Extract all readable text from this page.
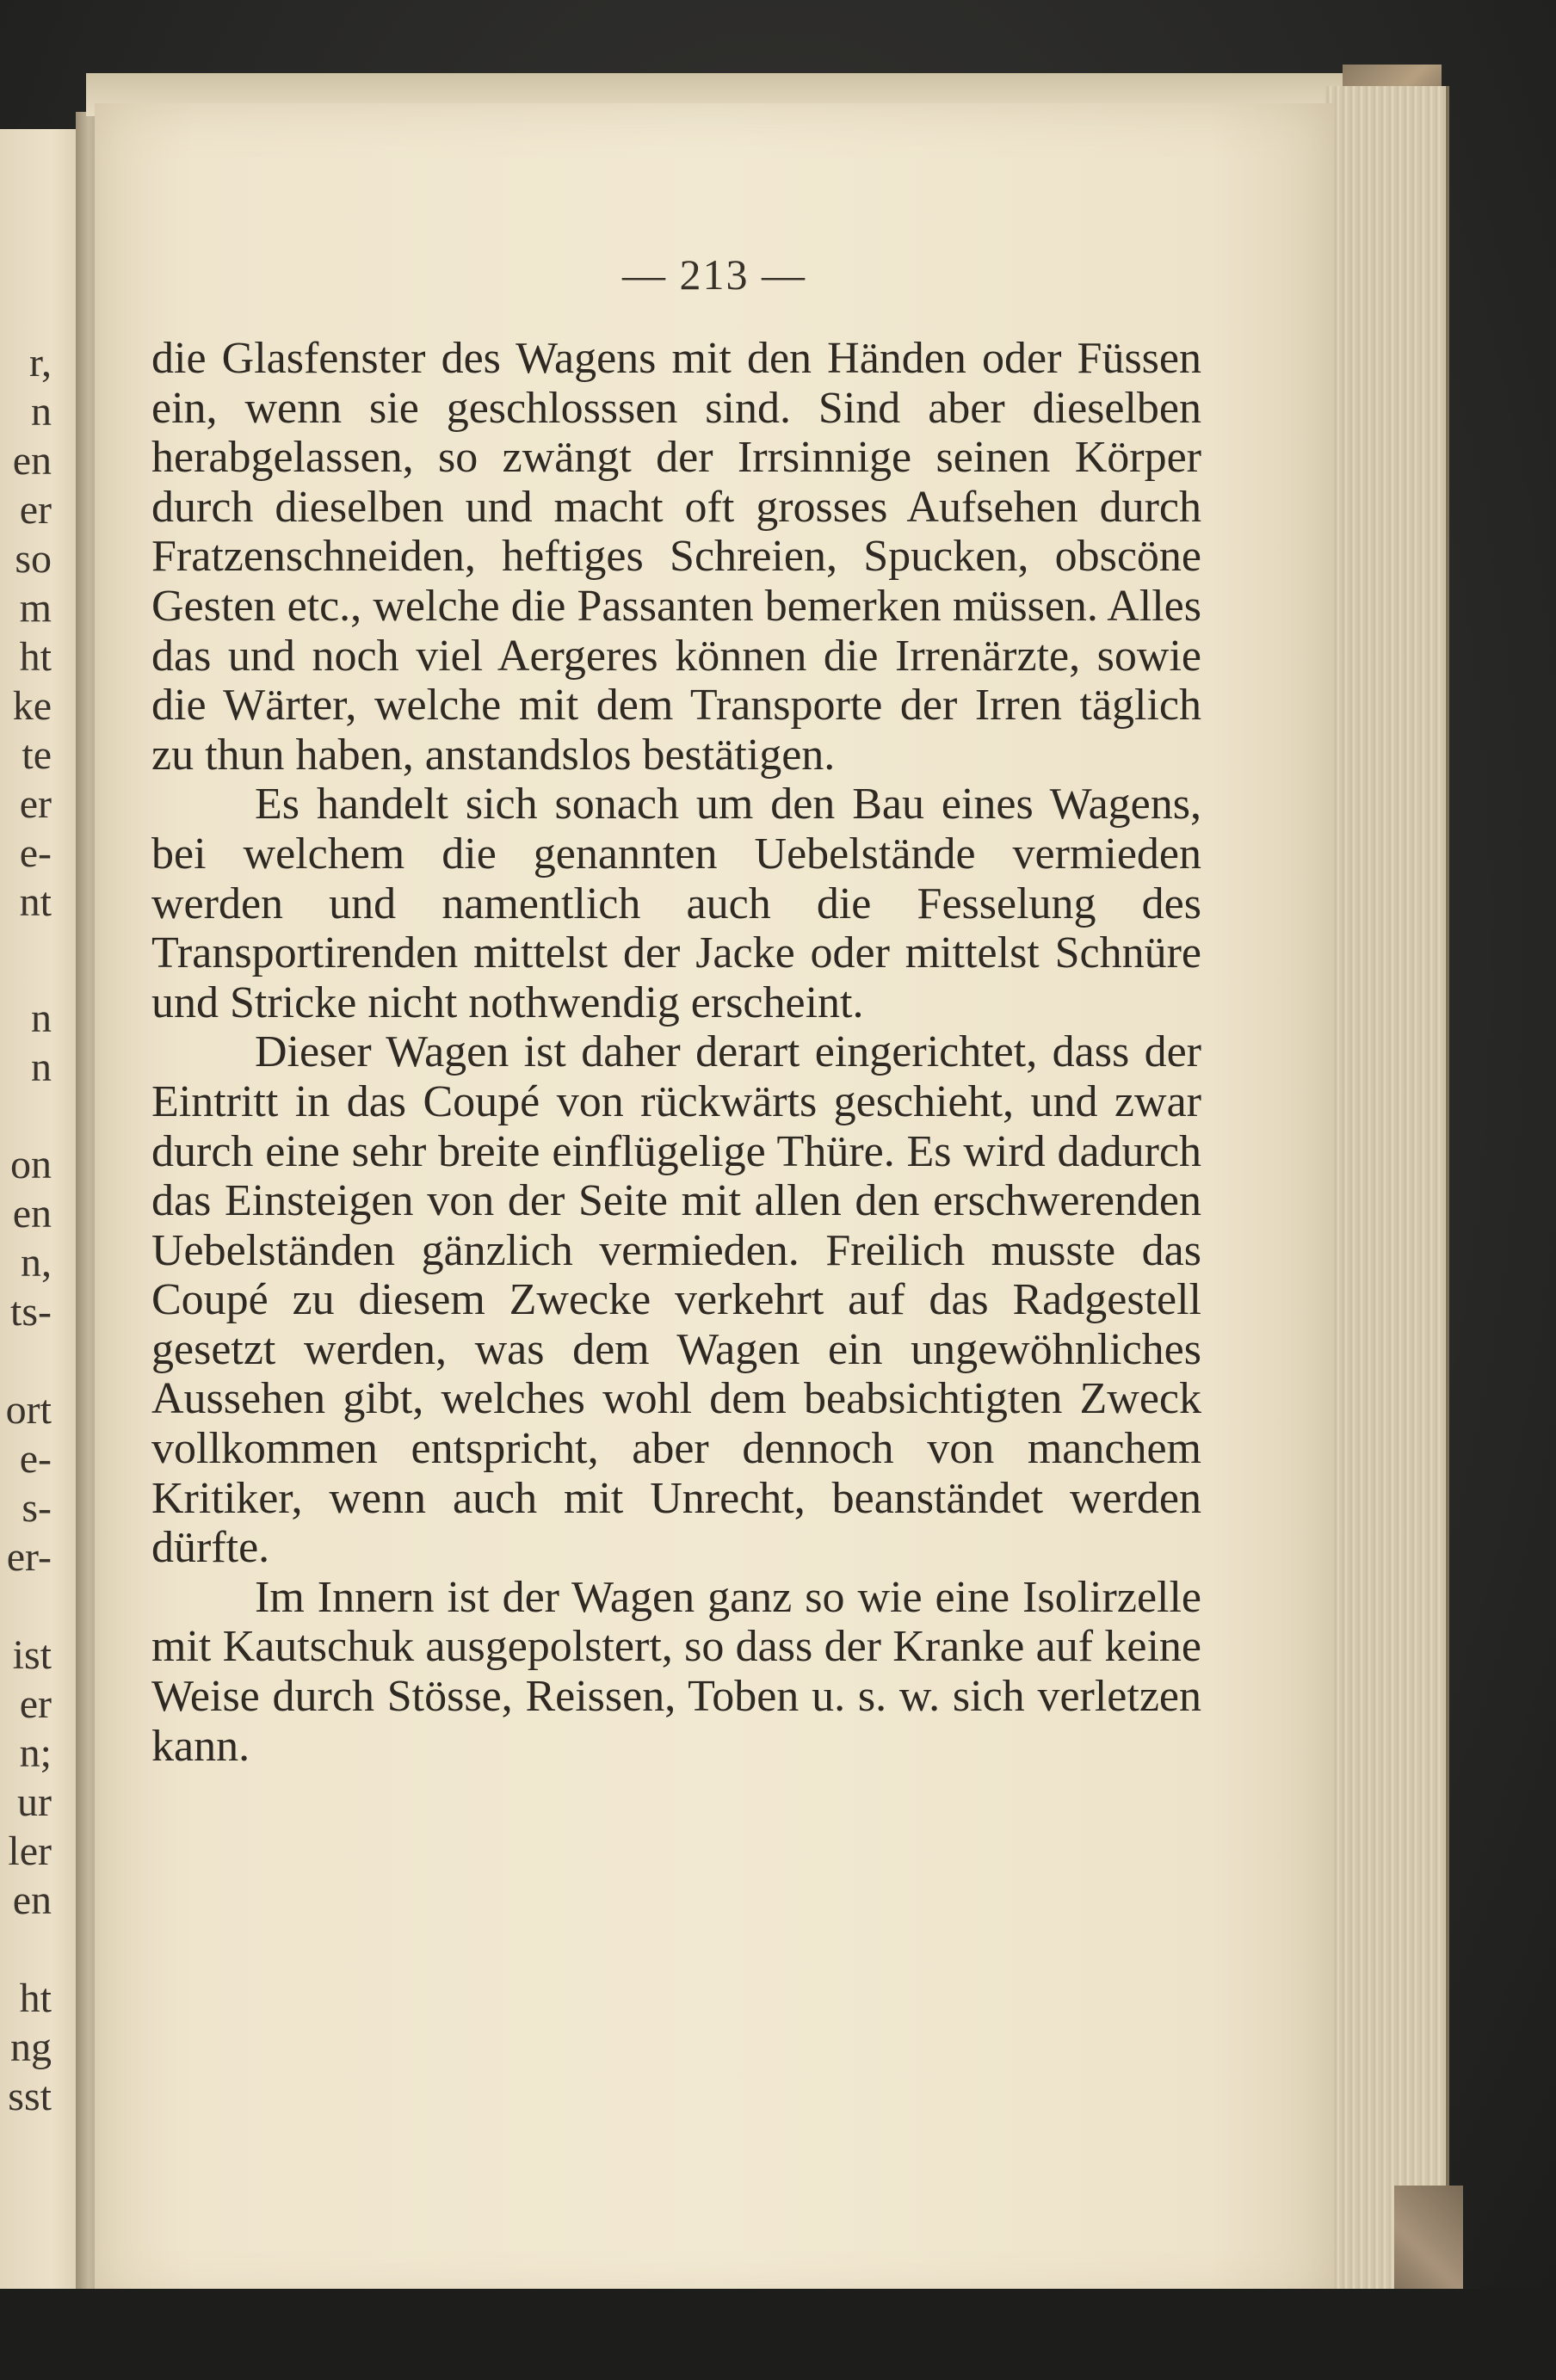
r,
n
en
er
so
m
ht
ke
te
er
e-
nt
n
n
on
en
n,
ts-
ort
e-
s-
er-
ist
er
n;
ur
ler
en
ht
ng
sst
— 213 —

die Glasfenster des Wagens mit den Händen oder Füssen ein, wenn sie geschlosssen sind. Sind aber dieselben herabgelassen, so zwängt der Irrsinnige seinen Körper durch dieselben und macht oft grosses Aufsehen durch Fratzenschneiden, heftiges Schreien, Spucken, obscöne Gesten etc., welche die Passanten bemerken müssen. Alles das und noch viel Aergeres können die Irrenärzte, sowie die Wärter, welche mit dem Transporte der Irren täglich zu thun haben, anstandslos bestätigen.

Es handelt sich sonach um den Bau eines Wagens, bei welchem die genannten Uebelstände vermieden werden und namentlich auch die Fesselung des Transportirenden mittelst der Jacke oder mittelst Schnüre und Stricke nicht nothwendig erscheint.

Dieser Wagen ist daher derart eingerichtet, dass der Eintritt in das Coupé von rückwärts geschieht, und zwar durch eine sehr breite einflügelige Thüre. Es wird dadurch das Einsteigen von der Seite mit allen den erschwerenden Uebelständen gänzlich vermieden. Freilich musste das Coupé zu diesem Zwecke verkehrt auf das Radgestell gesetzt werden, was dem Wagen ein ungewöhnliches Aussehen gibt, welches wohl dem beabsichtigten Zweck vollkommen entspricht, aber dennoch von manchem Kritiker, wenn auch mit Unrecht, beanständet werden dürfte.

Im Innern ist der Wagen ganz so wie eine Isolirzelle mit Kautschuk ausgepolstert, so dass der Kranke auf keine Weise durch Stösse, Reissen, Toben u. s. w. sich verletzen kann.
